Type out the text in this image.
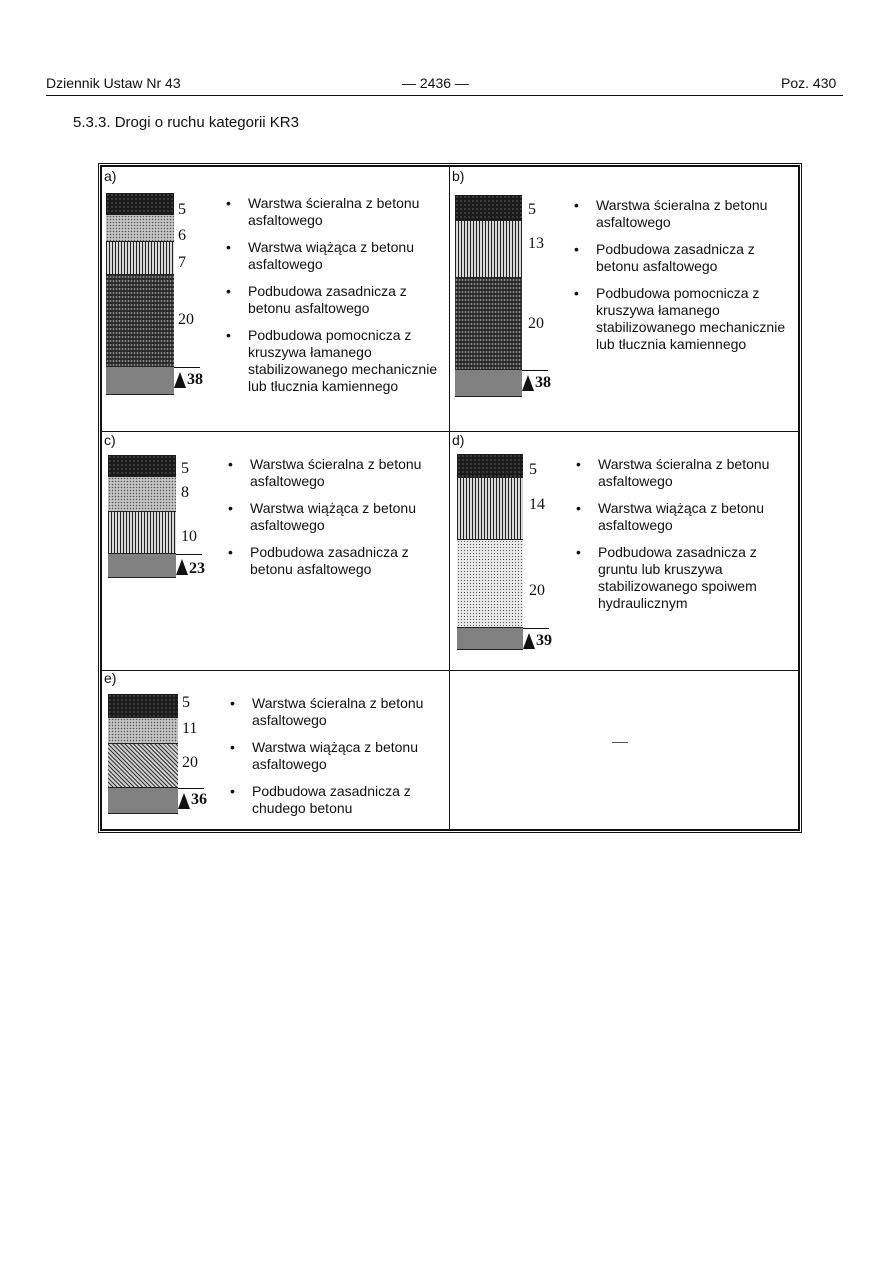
Dziennik Ustaw Nr 43	— 2436 —	Poz. 430
5.3.3. Drogi o ruchu kategorii KR3
a)
5
6
7
20
38
• Warstwa ścieralna z betonu asfaltowego
• Warstwa wiążąca z betonu asfaltowego
• Podbudowa zasadnicza z betonu asfaltowego
• Podbudowa pomocnicza z kruszywa łamanego stabilizowanego mechanicznie lub tłucznia kamiennego
b)
5
13
20
38
• Warstwa ścieralna z betonu asfaltowego
• Podbudowa zasadnicza z betonu asfaltowego
• Podbudowa pomocnicza z kruszywa łamanego stabilizowanego mechanicznie lub tłucznia kamiennego
c)
5
8
10
23
• Warstwa ścieralna z betonu asfaltowego
• Warstwa wiążąca z betonu asfaltowego
• Podbudowa zasadnicza z betonu asfaltowego
d)
5
14
20
39
• Warstwa ścieralna z betonu asfaltowego
• Warstwa wiążąca z betonu asfaltowego
• Podbudowa zasadnicza z gruntu lub kruszywa stabilizowanego spoiwem hydraulicznym
e)
5
11
20
36
• Warstwa ścieralna z betonu asfaltowego
• Warstwa wiążąca z betonu asfaltowego
• Podbudowa zasadnicza z chudego betonu
